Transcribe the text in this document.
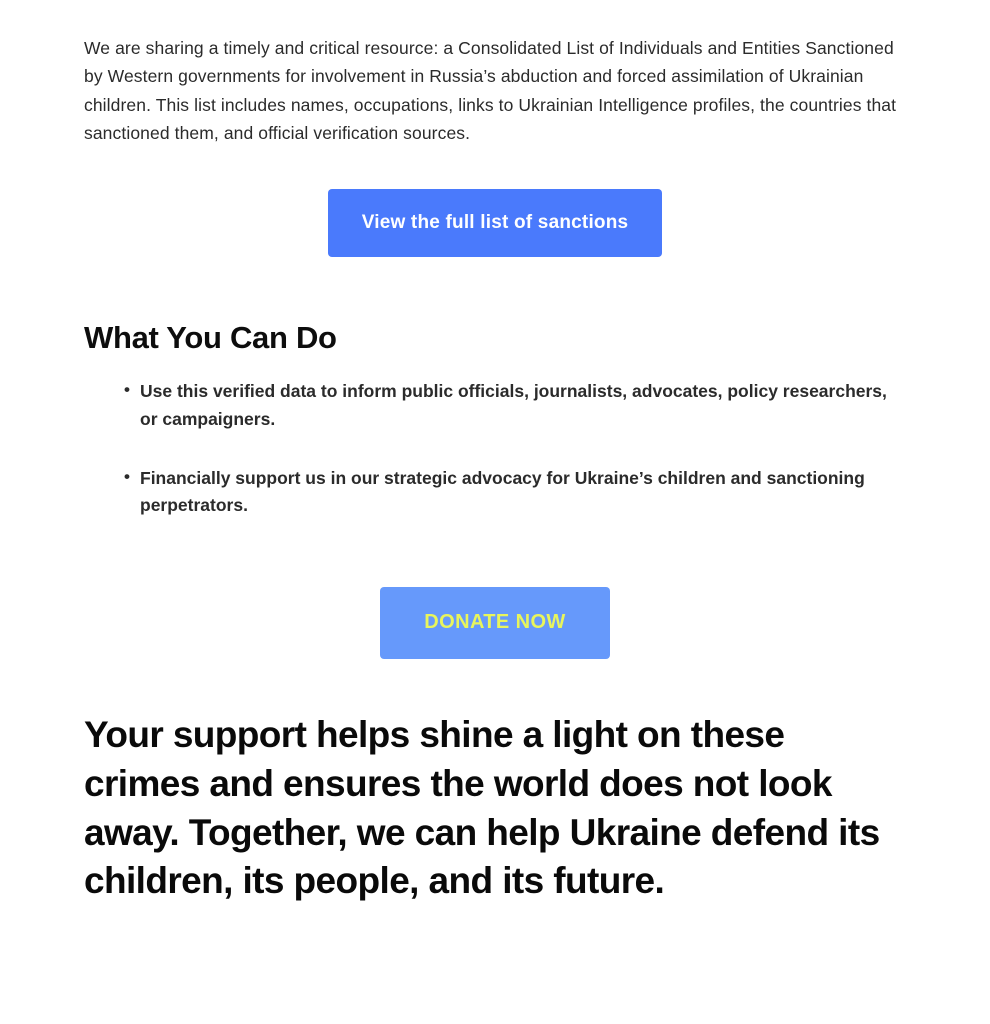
We are sharing a timely and critical resource: a Consolidated List of Individuals and Entities Sanctioned by Western governments for involvement in Russia’s abduction and forced assimilation of Ukrainian children. This list includes names, occupations, links to Ukrainian Intelligence profiles, the countries that sanctioned them, and official verification sources.

View the full list of sanctions
What You Can Do
• Use this verified data to inform public officials, journalists, advocates, policy researchers, or campaigners.
• Financially support us in our strategic advocacy for Ukraine’s children and sanctioning perpetrators.
DONATE NOW

Your support helps shine a light on these crimes and ensures the world does not look away. Together, we can help Ukraine defend its children, its people, and its future.
